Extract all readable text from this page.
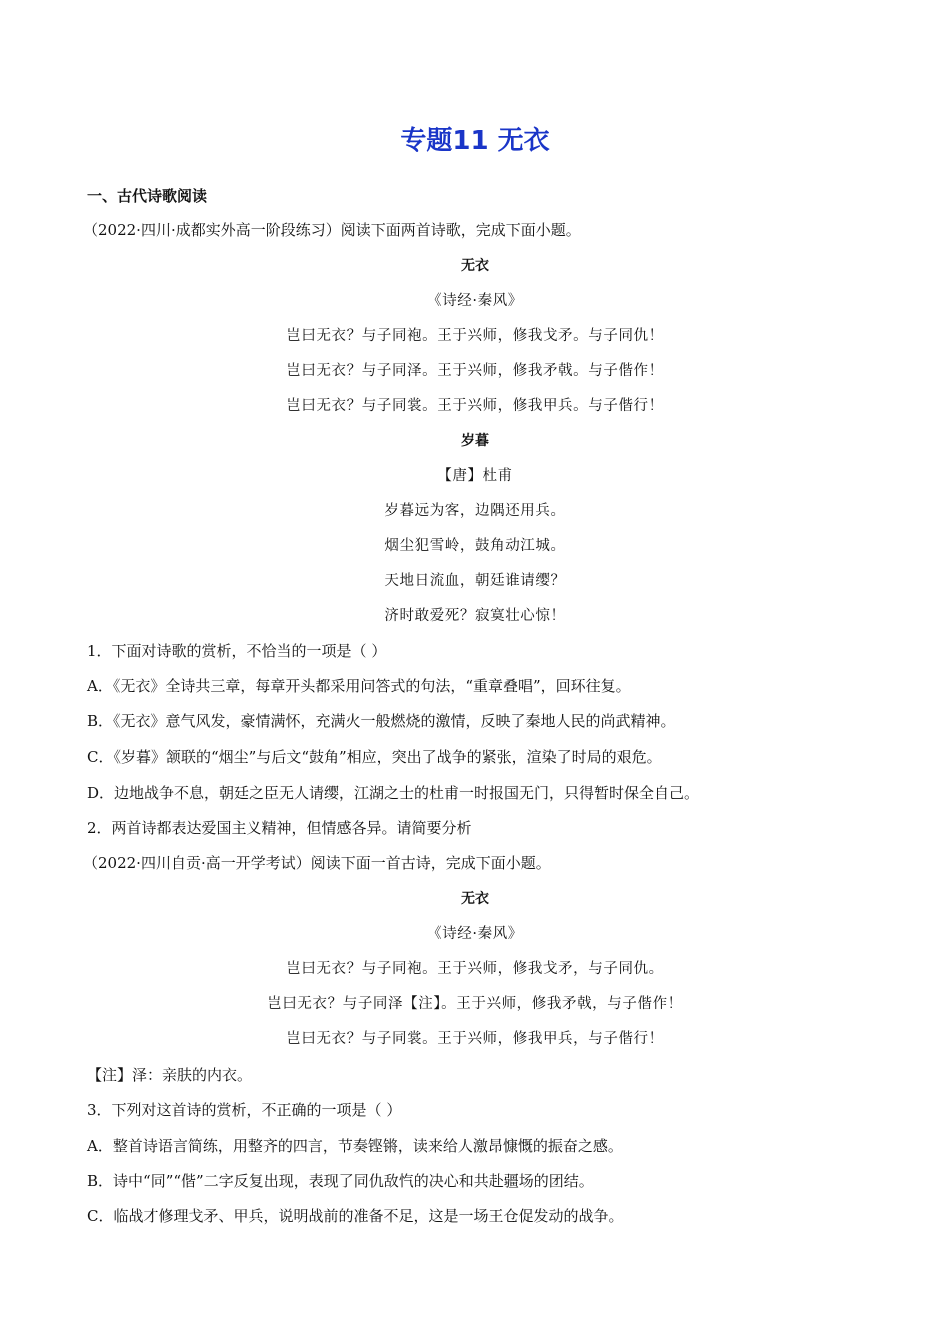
专题11 无衣
一、古代诗歌阅读
（2022·四川·成都实外高一阶段练习）阅读下面两首诗歌，完成下面小题。
无衣
《诗经·秦风》
岂曰无衣？与子同袍。王于兴师，修我戈矛。与子同仇！
岂曰无衣？与子同泽。王于兴师，修我矛戟。与子偕作！
岂曰无衣？与子同裳。王于兴师，修我甲兵。与子偕行！
岁暮
【唐】杜甫
岁暮远为客，边隅还用兵。
烟尘犯雪岭，鼓角动江城。
天地日流血，朝廷谁请缨？
济时敢爱死？寂寞壮心惊！
1．下面对诗歌的赏析，不恰当的一项是（ ）
A．《无衣》全诗共三章，每章开头都采用问答式的句法，“重章叠唱”，回环往复。
B．《无衣》意气风发，豪情满怀，充满火一般燃烧的激情，反映了秦地人民的尚武精神。
C．《岁暮》颔联的“烟尘”与后文“鼓角”相应，突出了战争的紧张，渲染了时局的艰危。
D．边地战争不息，朝廷之臣无人请缨，江湖之士的杜甫一时报国无门，只得暂时保全自己。
2．两首诗都表达爱国主义精神，但情感各异。请简要分析
（2022·四川自贡·高一开学考试）阅读下面一首古诗，完成下面小题。
无衣
《诗经·秦风》
岂曰无衣？与子同袍。王于兴师，修我戈矛，与子同仇。
岂曰无衣？与子同泽【注】。王于兴师，修我矛戟，与子偕作！
岂曰无衣？与子同裳。王于兴师，修我甲兵，与子偕行！
【注】泽：亲肤的内衣。
3．下列对这首诗的赏析，不正确的一项是（ ）
A．整首诗语言简练，用整齐的四言，节奏铿锵，读来给人激昂慷慨的振奋之感。
B．诗中“同”“偕”二字反复出现，表现了同仇敌忾的决心和共赴疆场的团结。
C．临战才修理戈矛、甲兵，说明战前的准备不足，这是一场王仓促发动的战争。
